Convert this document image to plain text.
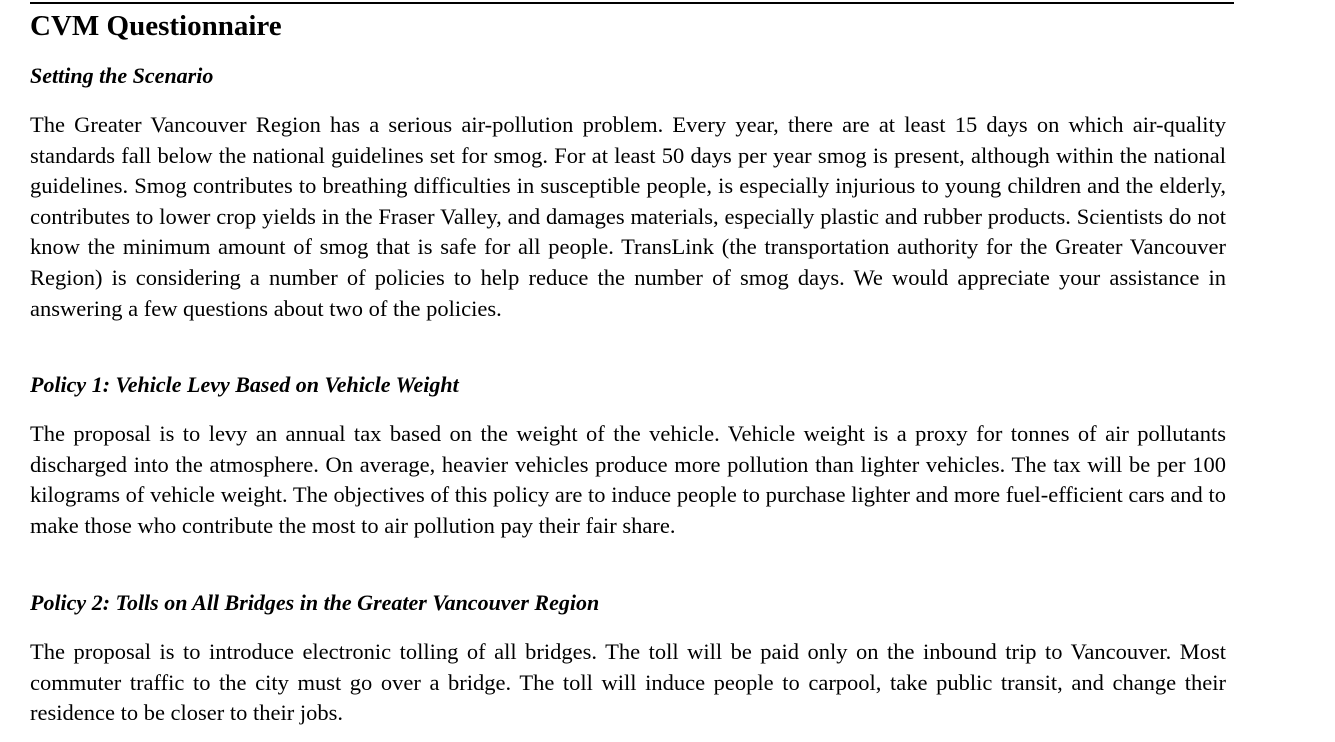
CVM Questionnaire
Setting the Scenario

The Greater Vancouver Region has a serious air-pollution problem. Every year, there are at least 15 days on which air-quality standards fall below the national guidelines set for smog. For at least 50 days per year smog is present, although within the national guidelines. Smog contributes to breathing difficulties in susceptible people, is especially injurious to young children and the elderly, contributes to lower crop yields in the Fraser Valley, and damages materials, especially plastic and rubber products. Scientists do not know the minimum amount of smog that is safe for all people. TransLink (the transportation authority for the Greater Vancouver Region) is considering a number of policies to help reduce the number of smog days. We would appreciate your assistance in answering a few questions about two of the policies.

Policy 1: Vehicle Levy Based on Vehicle Weight

The proposal is to levy an annual tax based on the weight of the vehicle. Vehicle weight is a proxy for tonnes of air pollutants discharged into the atmosphere. On average, heavier vehicles produce more pollution than lighter vehicles. The tax will be per 100 kilograms of vehicle weight. The objectives of this policy are to induce people to purchase lighter and more fuel-efficient cars and to make those who contribute the most to air pollution pay their fair share.

Policy 2: Tolls on All Bridges in the Greater Vancouver Region

The proposal is to introduce electronic tolling of all bridges. The toll will be paid only on the inbound trip to Vancouver. Most commuter traffic to the city must go over a bridge. The toll will induce people to carpool, take public transit, and change their residence to be closer to their jobs.
